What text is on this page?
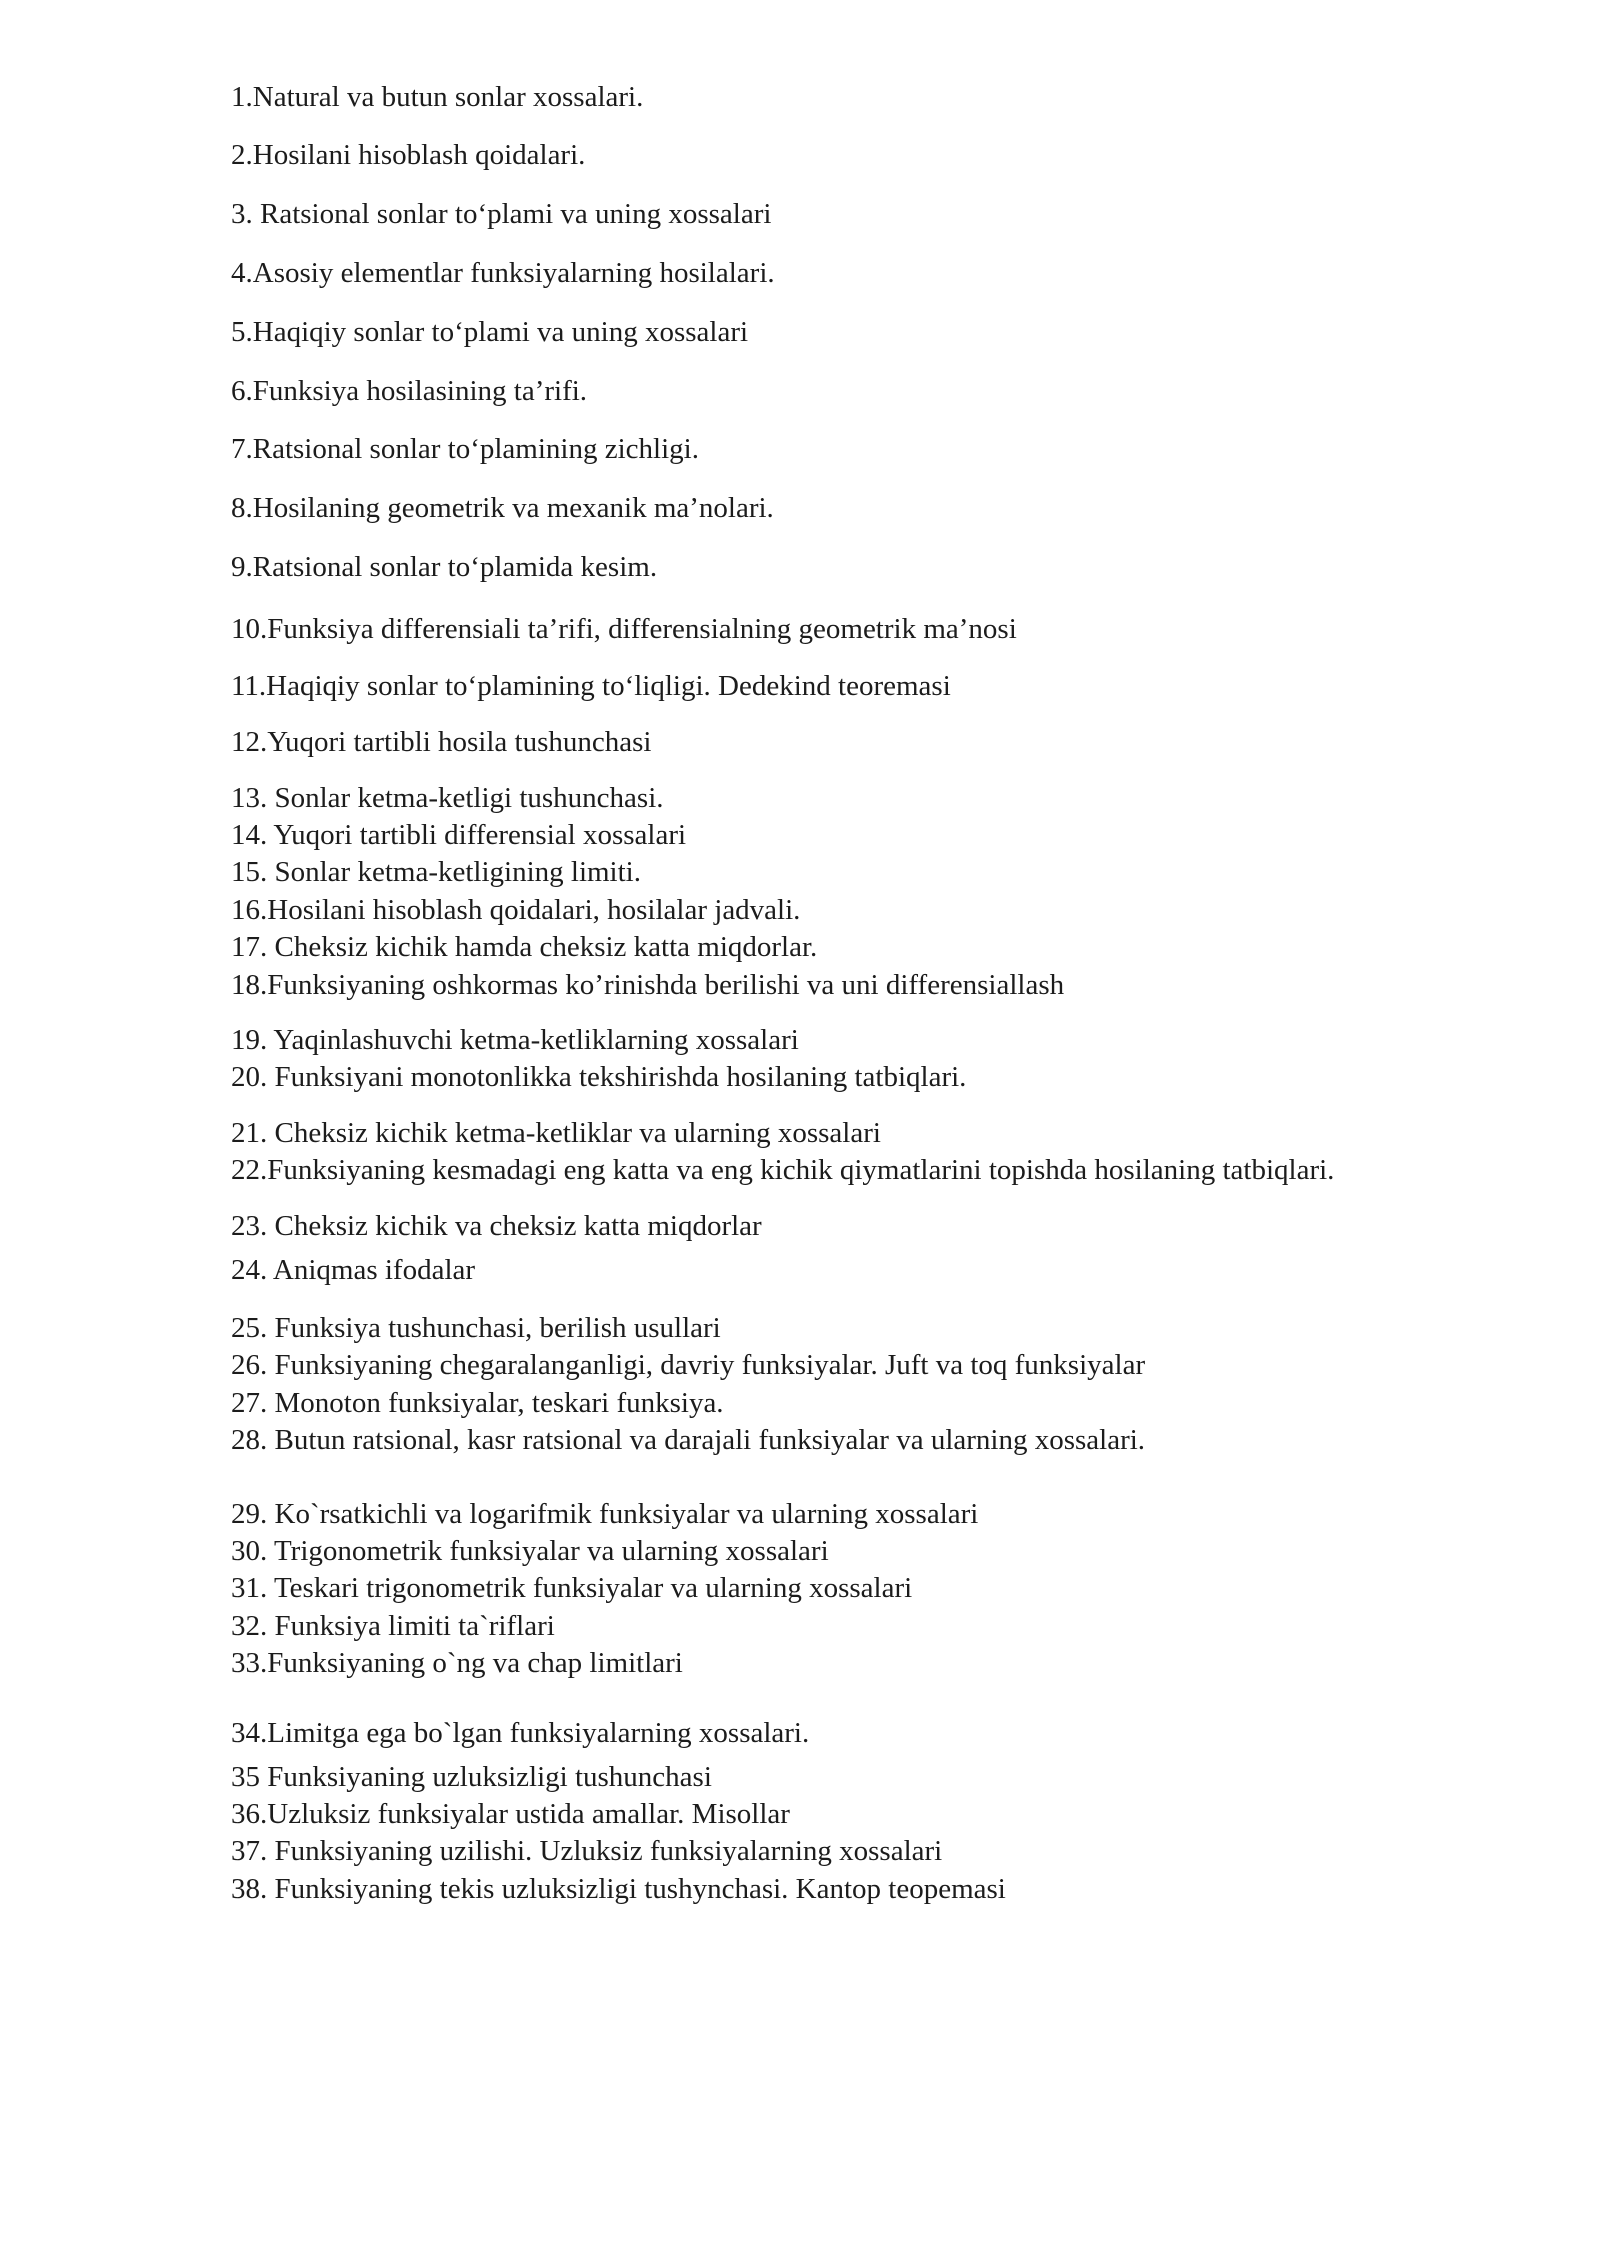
1.Natural va butun sonlar xossalari.

2.Hosilani hisoblash qoidalari.

3. Ratsional sonlar to‘plami va uning xossalari

4.Asosiy elementlar funksiyalarning hosilalari.

5.Haqiqiy sonlar to‘plami va uning xossalari

6.Funksiya hosilasining ta’rifi.

7.Ratsional sonlar to‘plamining zichligi.

8.Hosilaning geometrik va mexanik ma’nolari.

9.Ratsional sonlar to‘plamida kesim.

10.Funksiya differensiali ta’rifi, differensialning geometrik ma’nosi

11.Haqiqiy sonlar to‘plamining to‘liqligi. Dedekind teoremasi

12.Yuqori tartibli hosila tushunchasi

13. Sonlar ketma-ketligi tushunchasi.

14. Yuqori tartibli differensial xossalari

15. Sonlar ketma-ketligining limiti.

16.Hosilani hisoblash qoidalari, hosilalar jadvali.

17. Cheksiz kichik hamda cheksiz katta miqdorlar.

18.Funksiyaning oshkormas ko’rinishda berilishi va uni differensiallash

19. Yaqinlashuvchi ketma-ketliklarning xossalari

20. Funksiyani monotonlikka tekshirishda hosilaning tatbiqlari.

21. Cheksiz kichik ketma-ketliklar va ularning xossalari

22.Funksiyaning kesmadagi eng katta va eng kichik qiymatlarini topishda hosilaning tatbiqlari.

23. Cheksiz kichik va cheksiz katta miqdorlar

24. Aniqmas ifodalar

25. Funksiya tushunchasi, berilish usullari

26. Funksiyaning chegaralanganligi, davriy funksiyalar. Juft va toq funksiyalar

27. Monoton funksiyalar, teskari funksiya.

28. Butun ratsional, kasr ratsional va darajali funksiyalar va ularning xossalari.

29. Ko`rsatkichli va logarifmik funksiyalar va ularning xossalari

30. Trigonometrik funksiyalar va ularning xossalari

31. Teskari trigonometrik funksiyalar va ularning xossalari

32. Funksiya limiti ta`riflari

33.Funksiyaning o`ng va chap limitlari

34.Limitga ega bo`lgan funksiyalarning xossalari.

35 Funksiyaning uzluksizligi tushunchasi

36.Uzluksiz funksiyalar ustida amallar. Misollar

37. Funksiyaning uzilishi. Uzluksiz funksiyalarning xossalari

38. Funksiyaning tekis uzluksizligi tushynchasi. Kantop teopemasi
